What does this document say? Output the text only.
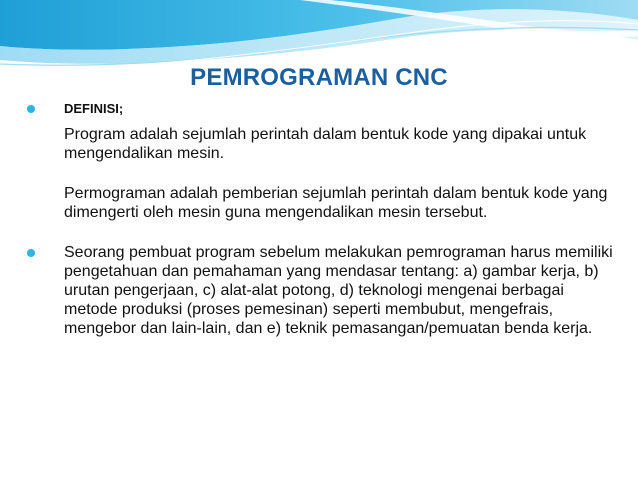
PEMROGRAMAN CNC

DEFINISI;

Program adalah sejumlah perintah dalam bentuk kode yang dipakai untuk mengendalikan mesin.

Permograman adalah pemberian sejumlah perintah dalam bentuk kode yang dimengerti oleh mesin guna mengendalikan mesin tersebut.

Seorang pembuat program sebelum melakukan pemrograman harus memiliki pengetahuan dan pemahaman yang mendasar tentang: a) gambar kerja, b) urutan pengerjaan, c) alat-alat potong, d) teknologi mengenai berbagai metode produksi (proses pemesinan) seperti membubut, mengefrais, mengebor dan lain-lain, dan e) teknik pemasangan/pemuatan benda kerja.
